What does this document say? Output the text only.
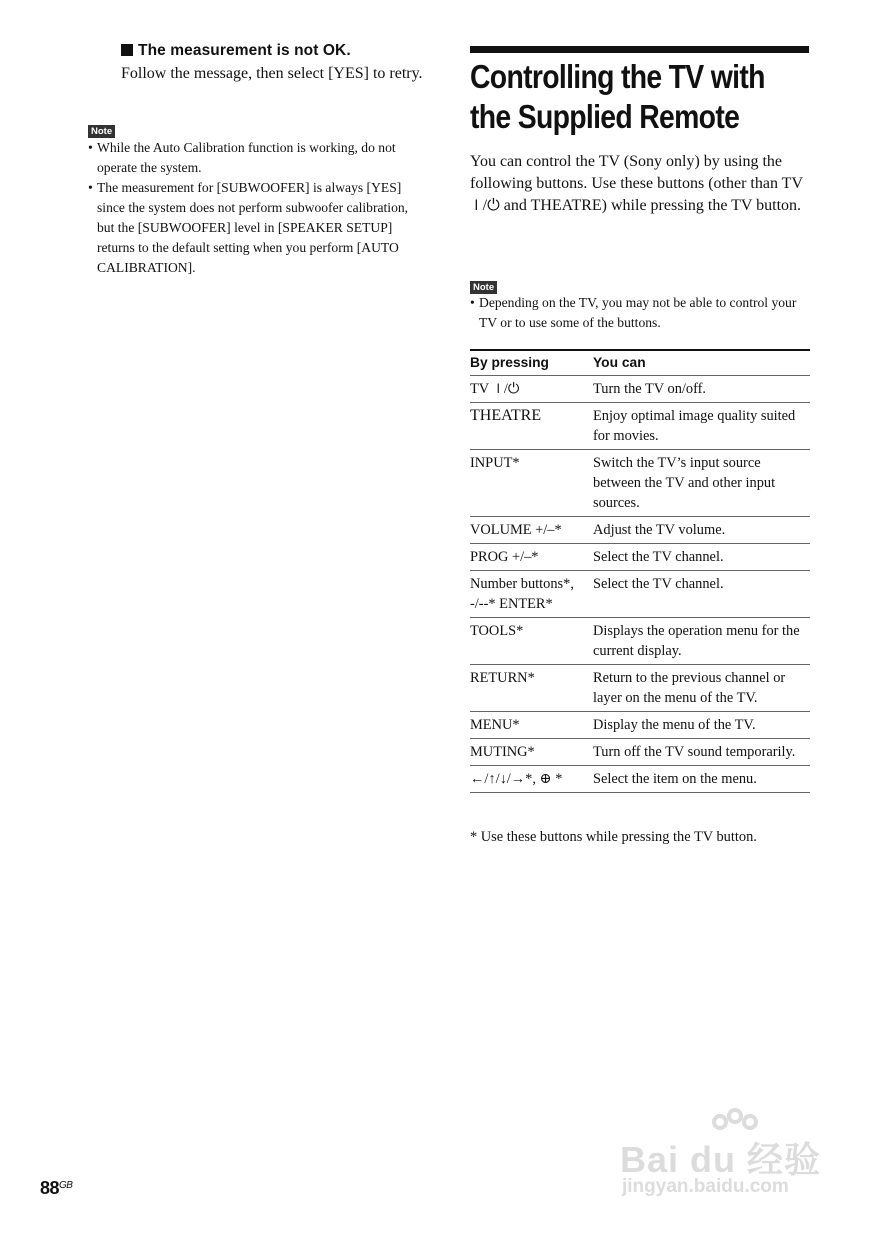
The measurement is not OK.
Follow the message, then select [YES] to retry.
Note
• While the Auto Calibration function is working, do not operate the system.
• The measurement for [SUBWOOFER] is always [YES] since the system does not perform subwoofer calibration, but the [SUBWOOFER] level in [SPEAKER SETUP] returns to the default setting when you perform [AUTO CALIBRATION].
Controlling the TV with
the Supplied Remote
You can control the TV (Sony only) by using the following buttons. Use these buttons (other than TV ⏽/⏻ and THEATRE) while pressing the TV button.
Note
• Depending on the TV, you may not be able to control your TV or to use some of the buttons.
By pressing	You can
TV ⏽/⏻	Turn the TV on/off.
THEATRE	Enjoy optimal image quality suited for movies.
INPUT*	Switch the TV’s input source between the TV and other input sources.
VOLUME +/–*	Adjust the TV volume.
PROG +/–*	Select the TV channel.
Number buttons*, -/--* ENTER*	Select the TV channel.
TOOLS*	Displays the operation menu for the current display.
RETURN*	Return to the previous channel or layer on the menu of the TV.
MENU*	Display the menu of the TV.
MUTING*	Turn off the TV sound temporarily.
←/↑/↓/→*, ⊕ *	Select the item on the menu.
* Use these buttons while pressing the TV button.
$88^{GB}$
Bai du 经验
jingyan.baidu.com
